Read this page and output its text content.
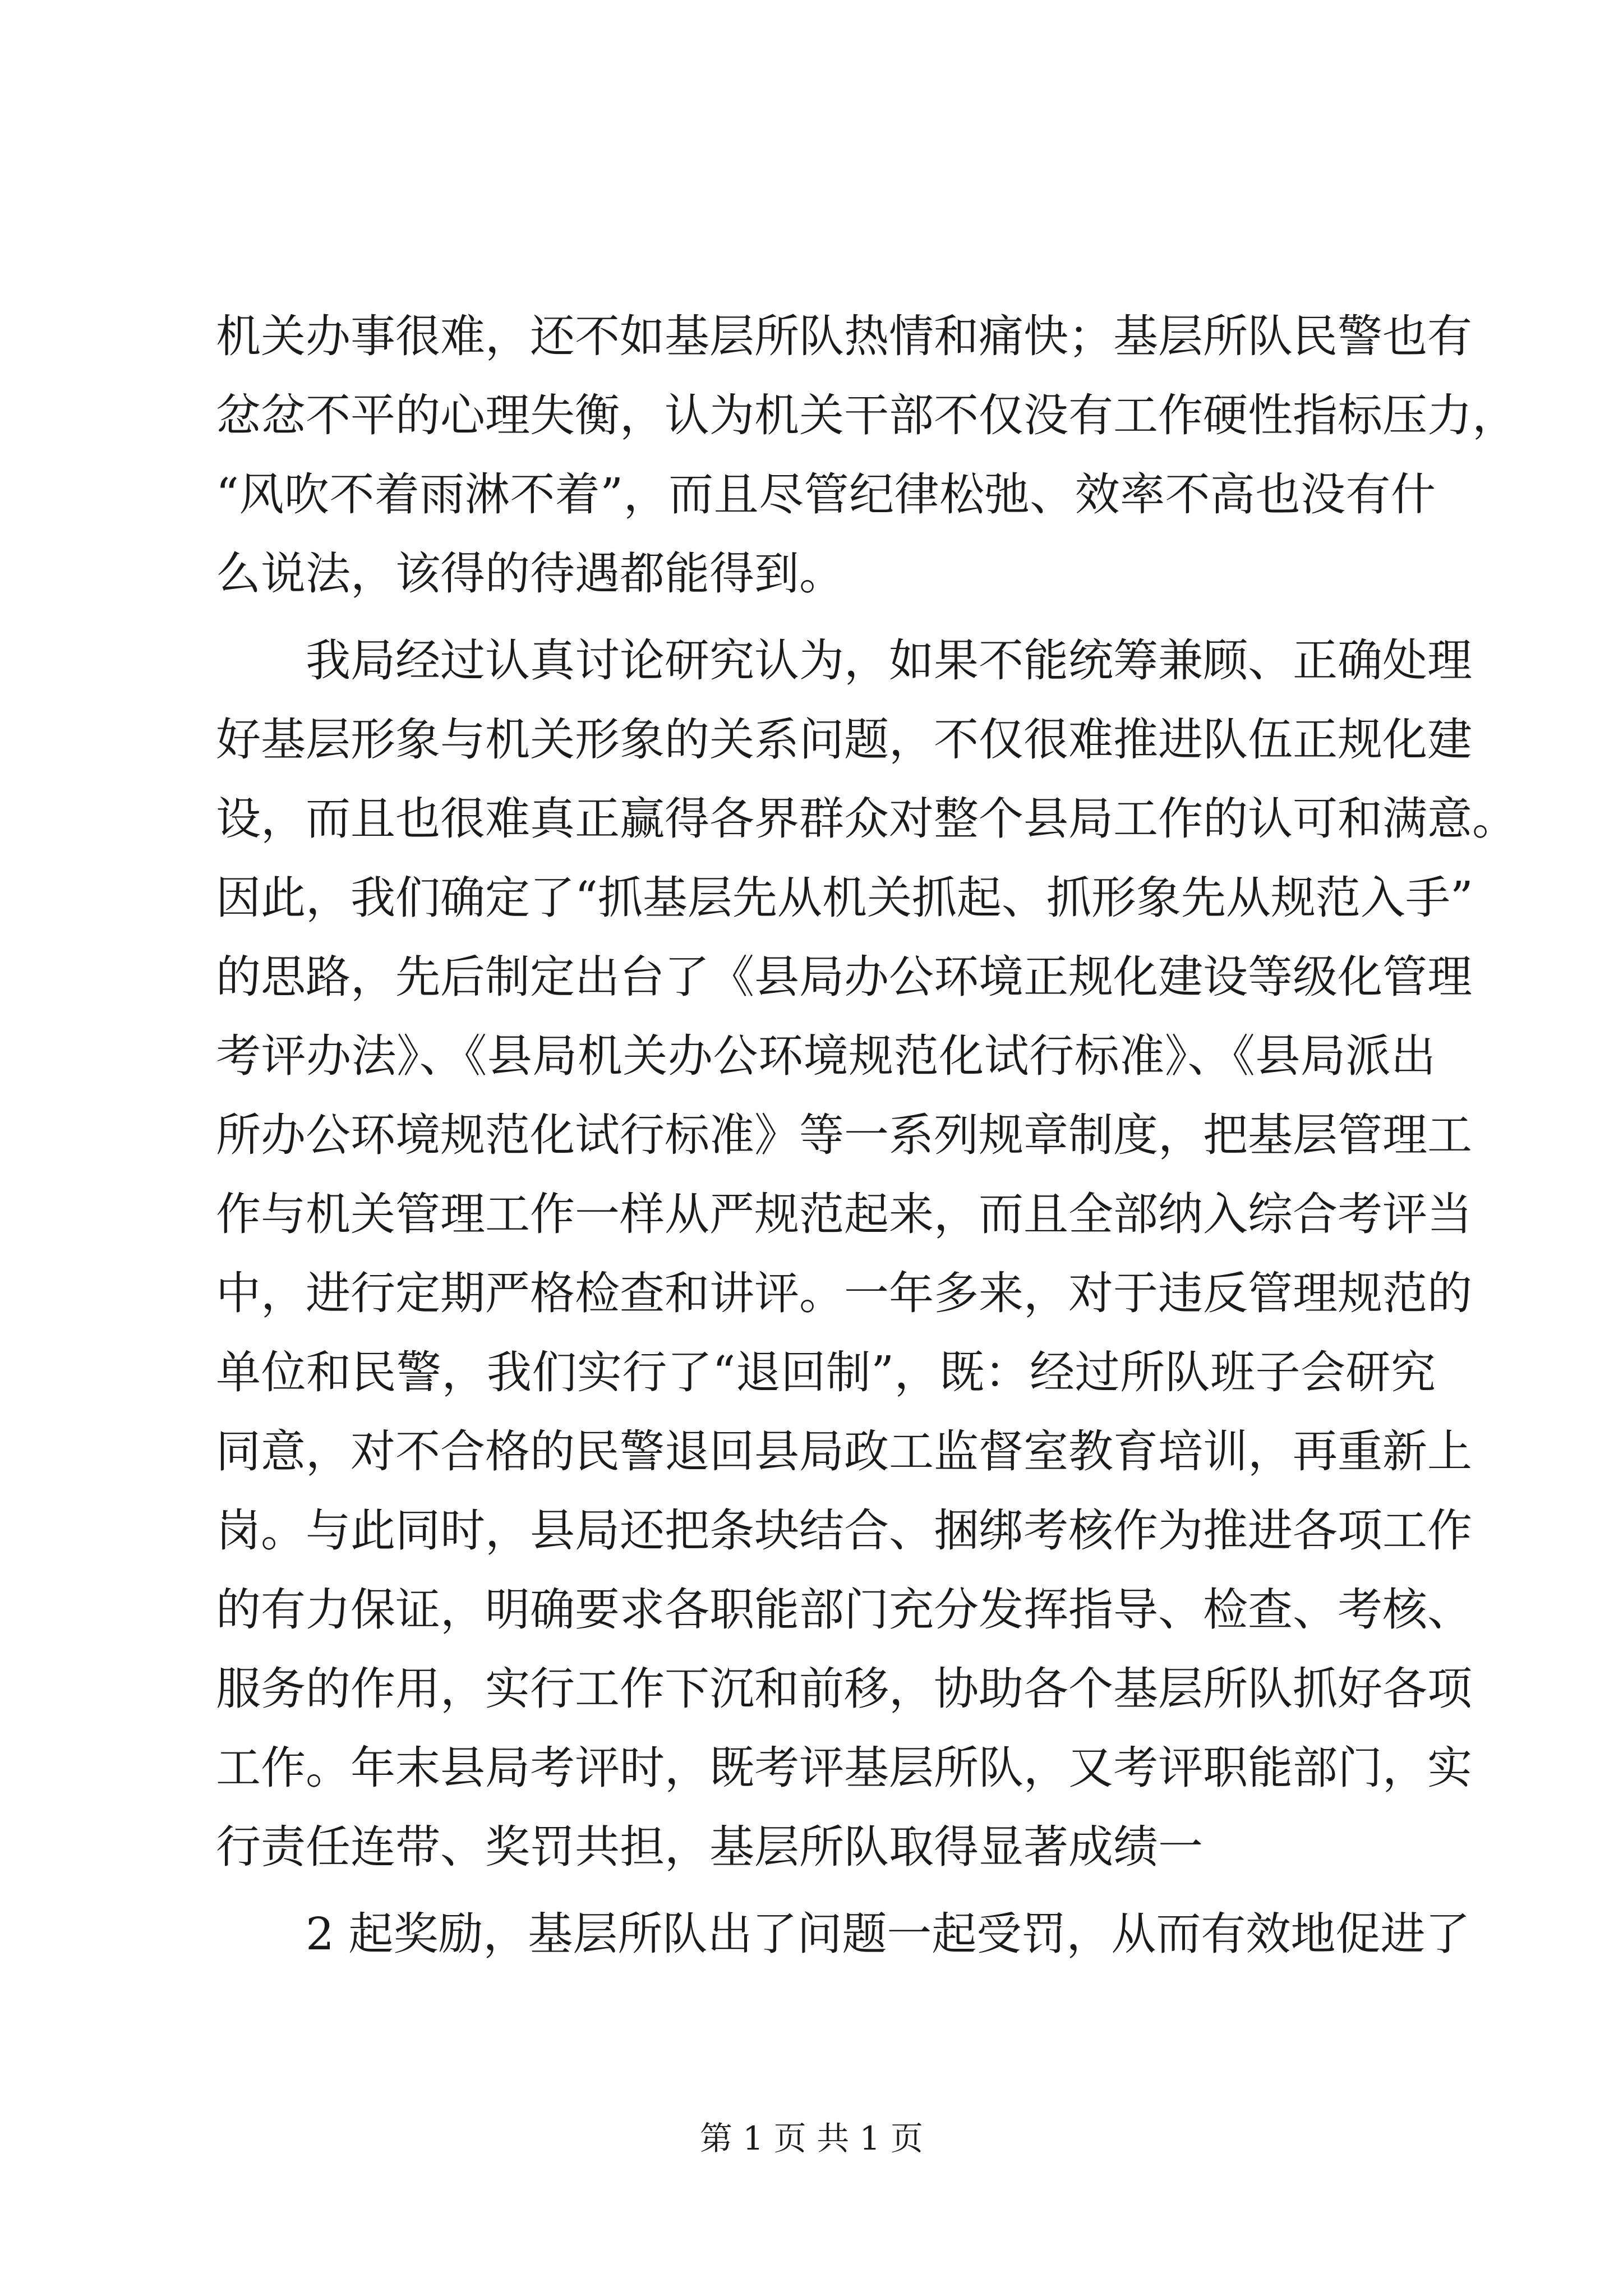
机关办事很难，还不如基层所队热情和痛快；基层所队民警也有
忿忿不平的心理失衡，认为机关干部不仅没有工作硬性指标压力，
“风吹不着雨淋不着”，而且尽管纪律松弛、效率不高也没有什
么说法，该得的待遇都能得到。
我局经过认真讨论研究认为，如果不能统筹兼顾、正确处理
好基层形象与机关形象的关系问题，不仅很难推进队伍正规化建
设，而且也很难真正赢得各界群众对整个县局工作的认可和满意。
因此，我们确定了“抓基层先从机关抓起、抓形象先从规范入手”
的思路，先后制定出台了《县局办公环境正规化建设等级化管理
考评办法》、《县局机关办公环境规范化试行标准》、《县局派出
所办公环境规范化试行标准》等一系列规章制度，把基层管理工
作与机关管理工作一样从严规范起来，而且全部纳入综合考评当
中，进行定期严格检查和讲评。一年多来，对于违反管理规范的
单位和民警，我们实行了“退回制”，既：经过所队班子会研究
同意，对不合格的民警退回县局政工监督室教育培训，再重新上
岗。与此同时，县局还把条块结合、捆绑考核作为推进各项工作
的有力保证，明确要求各职能部门充分发挥指导、检查、考核、
服务的作用，实行工作下沉和前移，协助各个基层所队抓好各项
工作。年末县局考评时，既考评基层所队，又考评职能部门，实
行责任连带、奖罚共担，基层所队取得显著成绩一
2 起奖励，基层所队出了问题一起受罚，从而有效地促进了
第 1 页 共 1 页
